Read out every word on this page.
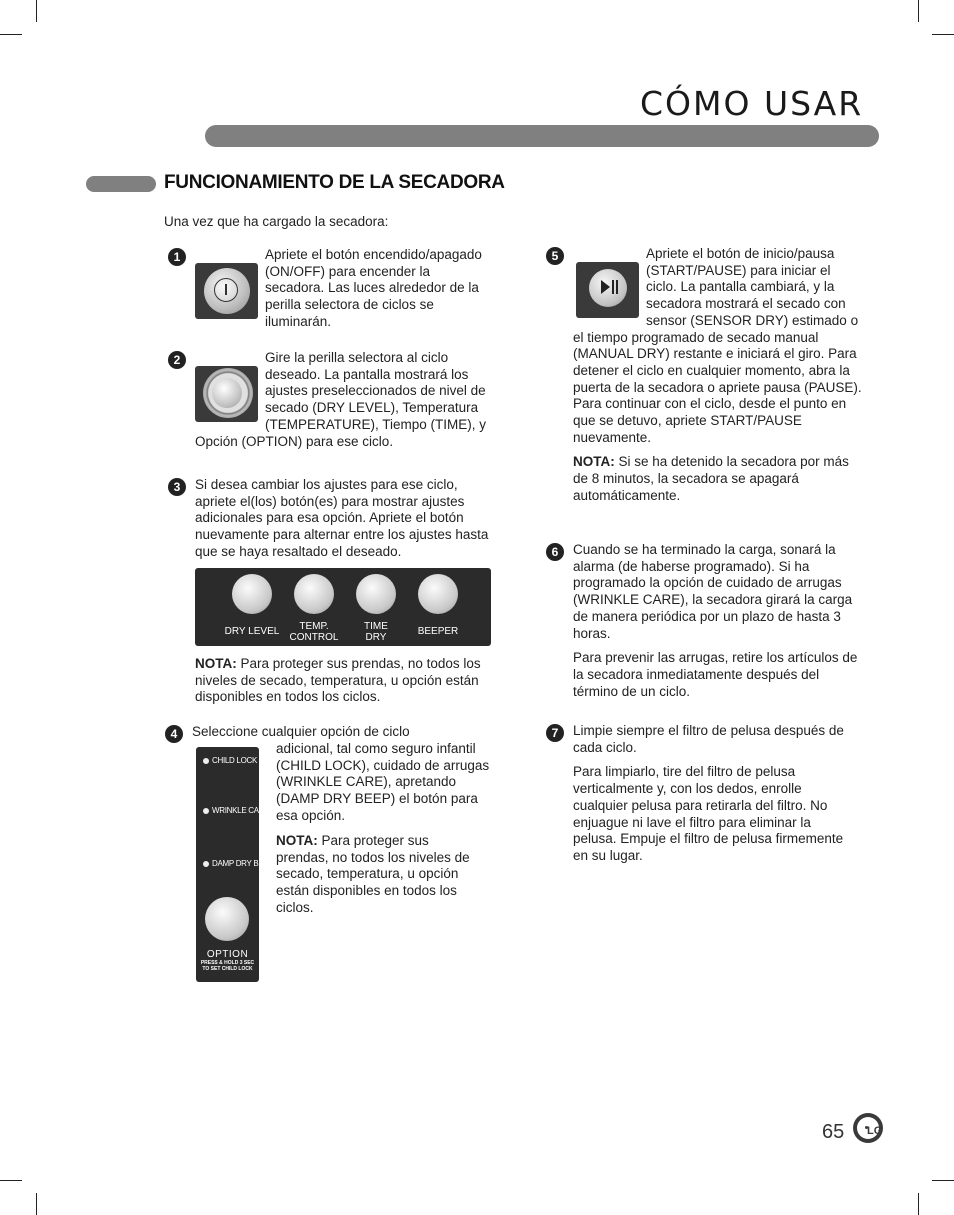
CÓMO USAR
FUNCIONAMIENTO DE LA SECADORA
Una vez que ha cargado la secadora:
1	Apriete el botón encendido/apagado (ON/OFF) para encender la secadora. Las luces alrededor de la perilla selectora de ciclos se iluminarán.

2	Gire la perilla selectora al ciclo deseado. La pantalla mostrará los ajustes preseleccionados de nivel de secado (DRY LEVEL), Temperatura (TEMPERATURE), Tiempo (TIME), y Opción (OPTION) para ese ciclo.

3	Si desea cambiar los ajustes para ese ciclo, apriete el(los) botón(es) para mostrar ajustes adicionales para esa opción. Apriete el botón nuevamente para alternar entre los ajustes hasta que se haya resaltado el deseado.
DRY LEVEL	TEMP.
CONTROL
TIME
DRY
BEEPER
NOTA: Para proteger sus prendas, no todos los niveles de secado, temperatura, u opción están disponibles en todos los ciclos.
4	Seleccione cualquier opción de ciclo
adicional, tal como seguro infantil (CHILD LOCK), cuidado de arrugas (WRINKLE CARE), apretando (DAMP DRY BEEP) el botón para esa opción.
NOTA: Para proteger sus prendas, no todos los niveles de secado, temperatura, u opción están disponibles en todos los ciclos.
CHILD LOCK
WRINKLE CARE
DAMP DRY BEEP
OPTION
PRESS & HOLD 3 SEC TO SET CHILD LOCK
5	Apriete el botón de inicio/pausa (START/PAUSE) para iniciar el ciclo. La pantalla cambiará, y la secadora mostrará el secado con sensor (SENSOR DRY) estimado o el tiempo programado de secado manual (MANUAL DRY) restante e iniciará el giro. Para detener el ciclo en cualquier momento, abra la puerta de la secadora o apriete pausa (PAUSE). Para continuar con el ciclo, desde el punto en que se detuvo, apriete START/PAUSE nuevamente.

NOTA: Si se ha detenido la secadora por más de 8 minutos, la secadora se apagará automáticamente.

6	Cuando se ha terminado la carga, sonará la alarma (de haberse programado). Si ha programado la opción de cuidado de arrugas (WRINKLE CARE), la secadora girará la carga de manera periódica por un plazo de hasta 3 horas.

Para prevenir las arrugas, retire los artículos de la secadora inmediatamente después del término de un ciclo.

7	Limpie siempre el filtro de pelusa después de cada ciclo.

Para limpiarlo, tire del filtro de pelusa verticalmente y, con los dedos, enrolle cualquier pelusa para retirarla del filtro. No enjuague ni lave el filtro para eliminar la pelusa. Empuje el filtro de pelusa firmemente en su lugar.

65 LG
